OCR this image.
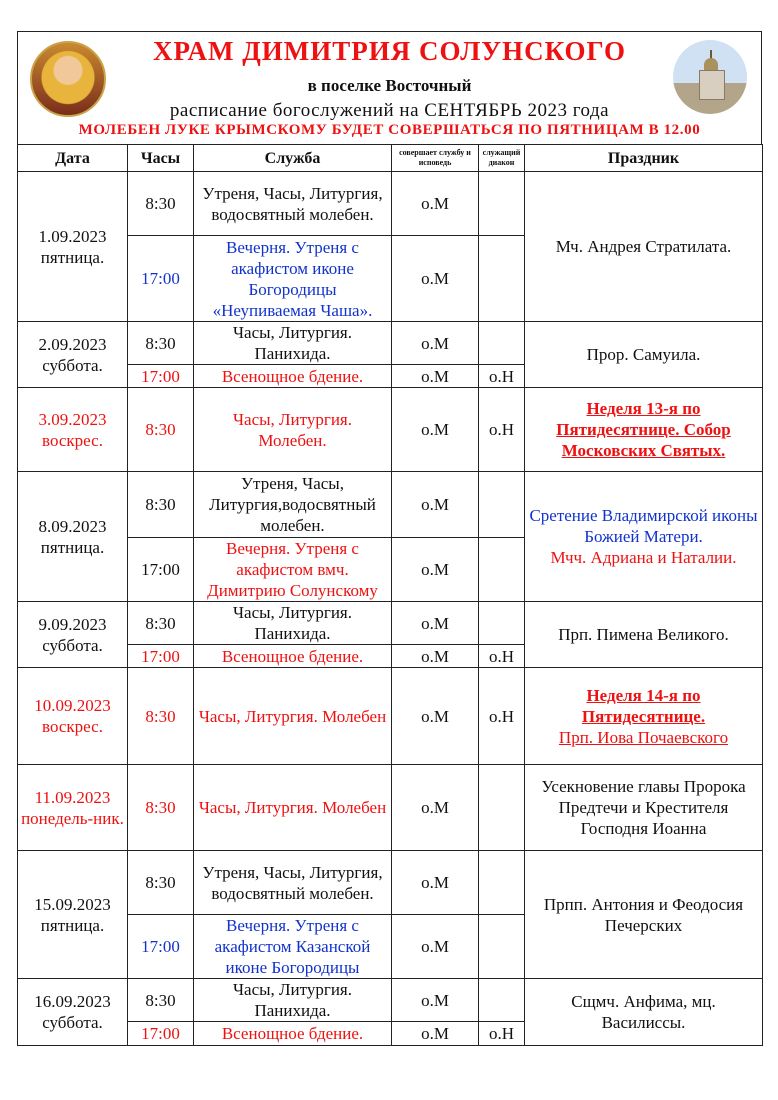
ХРАМ ДИМИТРИЯ СОЛУНСКОГО
в поселке Восточный
расписание богослужений на СЕНТЯБРЬ 2023 года
МОЛЕБЕН ЛУКЕ КРЫМСКОМУ БУДЕТ СОВЕРШАТЬСЯ ПО ПЯТНИЦАМ В 12.00
Дата	Часы	Служба	совершает службу и исповедь	служащий диакон	Праздник
1.09.2023 пятница.	8:30	Утреня, Часы, Литургия, водосвятный молебен.	о.М		Мч. Андрея Стратилата.
	17:00	Вечерня. Утреня с акафистом иконе Богородицы «Неупиваемая Чаша».	о.М		
2.09.2023 суббота.	8:30	Часы, Литургия. Панихида.	о.М		Прор. Самуила.
	17:00	Всенощное бдение.	о.М	о.Н	
3.09.2023 воскрес.	8:30	Часы, Литургия. Молебен.	о.М	о.Н	Неделя 13-я по Пятидесятнице. Собор Московских Святых.
8.09.2023 пятница.	8:30	Утреня, Часы, Литургия,водосвятный молебен.	о.М		Сретение Владимирской иконы Божией Матери.
Мчч. Адриана и Наталии.

	17:00	Вечерня. Утреня с акафистом вмч. Димитрию Солунскому	о.М		
9.09.2023 суббота.	8:30	Часы, Литургия. Панихида.	о.М		Прп. Пимена Великого.
	17:00	Всенощное бдение.	о.М	о.Н	
10.09.2023 воскрес.	8:30	Часы, Литургия. Молебен	о.М	о.Н	Неделя 14-я по Пятидесятнице.
Прп. Иова Почаевского

11.09.2023 понедель-ник.	8:30	Часы, Литургия. Молебен	о.М		Усекновение главы Пророка Предтечи и Крестителя Господня Иоанна
15.09.2023 пятница.	8:30	Утреня, Часы, Литургия, водосвятный молебен.	о.М		Прпп. Антония и Феодосия Печерских
	17:00	Вечерня. Утреня с акафистом Казанской иконе Богородицы	о.М		
16.09.2023 суббота.	8:30	Часы, Литургия. Панихида.	о.М		Сщмч. Анфима, мц. Василиссы.
	17:00	Всенощное бдение.	о.М	о.Н	
